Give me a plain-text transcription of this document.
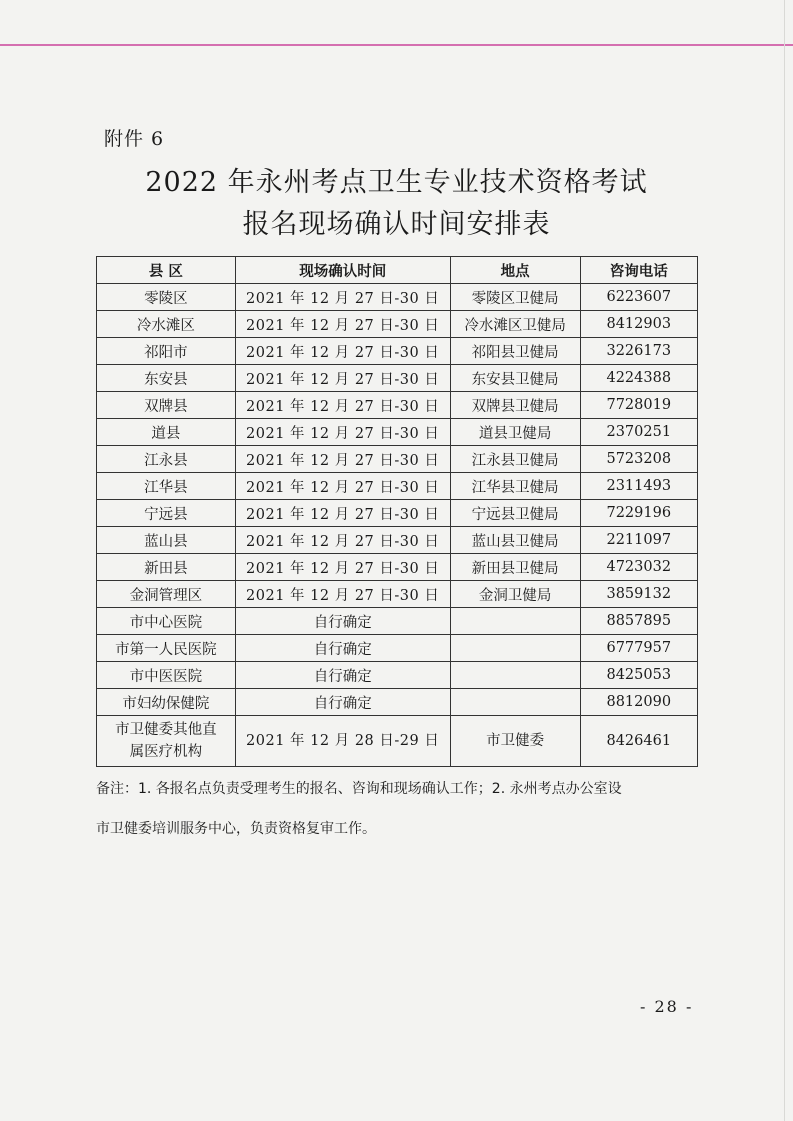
附件 6
2022 年永州考点卫生专业技术资格考试
报名现场确认时间安排表
县 区	现场确认时间	地点	咨询电话
零陵区	2021 年 12 月 27 日-30 日	零陵区卫健局	6223607
冷水滩区	2021 年 12 月 27 日-30 日	冷水滩区卫健局	8412903
祁阳市	2021 年 12 月 27 日-30 日	祁阳县卫健局	3226173
东安县	2021 年 12 月 27 日-30 日	东安县卫健局	4224388
双牌县	2021 年 12 月 27 日-30 日	双牌县卫健局	7728019
道县	2021 年 12 月 27 日-30 日	道县卫健局	2370251
江永县	2021 年 12 月 27 日-30 日	江永县卫健局	5723208
江华县	2021 年 12 月 27 日-30 日	江华县卫健局	2311493
宁远县	2021 年 12 月 27 日-30 日	宁远县卫健局	7229196
蓝山县	2021 年 12 月 27 日-30 日	蓝山县卫健局	2211097
新田县	2021 年 12 月 27 日-30 日	新田县卫健局	4723032
金洞管理区	2021 年 12 月 27 日-30 日	金洞卫健局	3859132
市中心医院	自行确定		8857895
市第一人民医院	自行确定		6777957
市中医医院	自行确定		8425053
市妇幼保健院	自行确定		8812090

市卫健委其他直
属医疗机构	2021 年 12 月 28 日-29 日	市卫健委	8426461
备注：1. 各报名点负责受理考生的报名、咨询和现场确认工作；2. 永州考点办公室设
市卫健委培训服务中心，负责资格复审工作。
- 28 -
